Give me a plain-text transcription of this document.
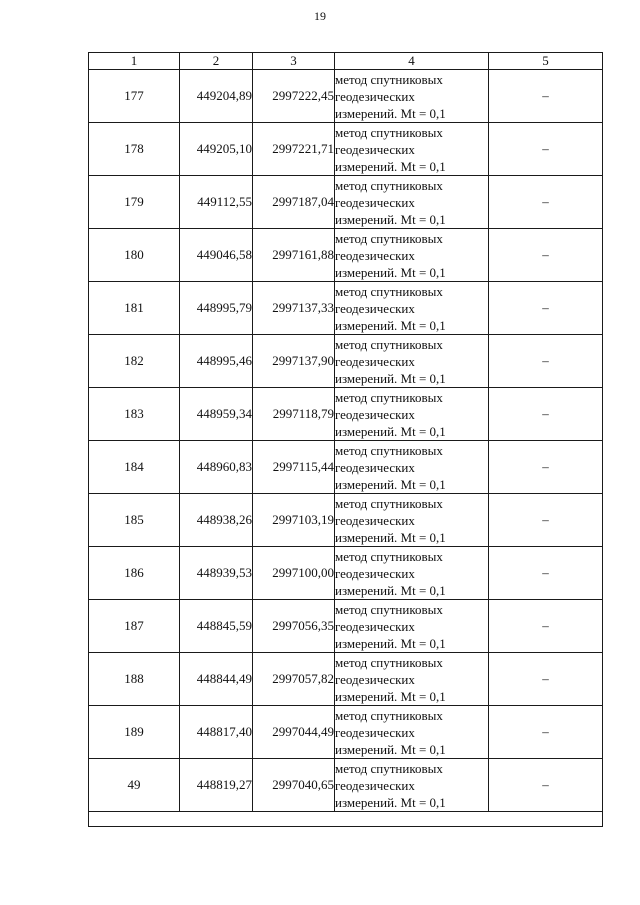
19
1	2	3	4	5
177	449204,89	2997222,45	метод спутниковых
геодезических
измерений. Mt = 0,1	–
178	449205,10	2997221,71	метод спутниковых
геодезических
измерений. Mt = 0,1	–
179	449112,55	2997187,04	метод спутниковых
геодезических
измерений. Mt = 0,1	–
180	449046,58	2997161,88	метод спутниковых
геодезических
измерений. Mt = 0,1	–
181	448995,79	2997137,33	метод спутниковых
геодезических
измерений. Mt = 0,1	–
182	448995,46	2997137,90	метод спутниковых
геодезических
измерений. Mt = 0,1	–
183	448959,34	2997118,79	метод спутниковых
геодезических
измерений. Mt = 0,1	–
184	448960,83	2997115,44	метод спутниковых
геодезических
измерений. Mt = 0,1	–
185	448938,26	2997103,19	метод спутниковых
геодезических
измерений. Mt = 0,1	–
186	448939,53	2997100,00	метод спутниковых
геодезических
измерений. Mt = 0,1	–
187	448845,59	2997056,35	метод спутниковых
геодезических
измерений. Mt = 0,1	–
188	448844,49	2997057,82	метод спутниковых
геодезических
измерений. Mt = 0,1	–
189	448817,40	2997044,49	метод спутниковых
геодезических
измерений. Mt = 0,1	–
49	448819,27	2997040,65	метод спутниковых
геодезических
измерений. Mt = 0,1	–
